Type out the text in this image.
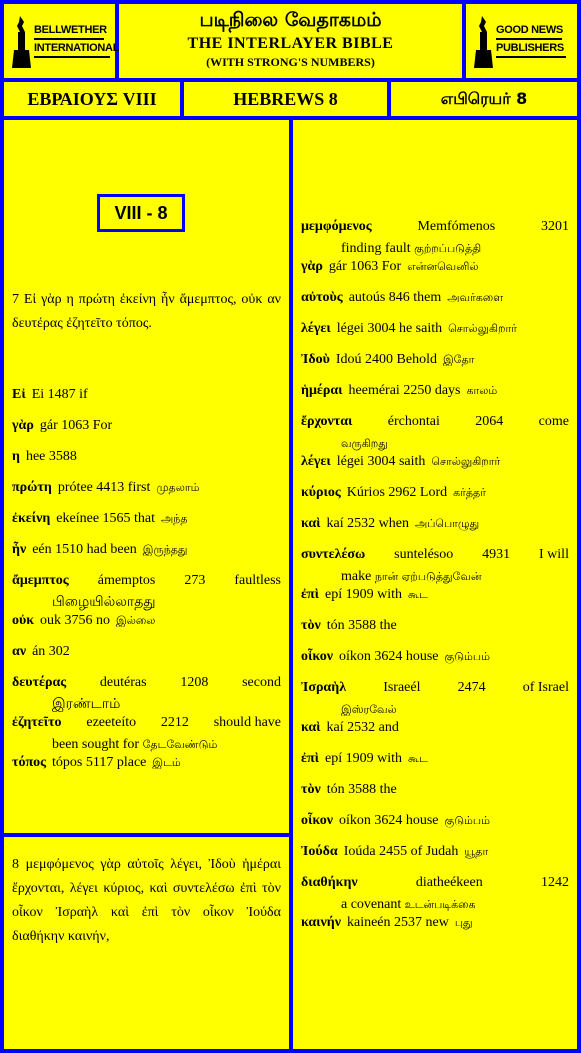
BELLWETHER
INTERNATIONAL
படிநிலை வேதாகமம்
THE INTERLAYER BIBLE
(WITH STRONG'S NUMBERS)
GOOD NEWS
PUBLISHERS
ΕΒΡΑΙΟΥΣ VIII	HEBREWS 8	எபிரெயர் 8
VIII - 8
7 Εἰ γὰρ η πρώτη ἐκείνη ἦν ἄμεμπτος, οὐκ αν δευτέρας ἐζητεῖτο τόπος.
Εἰ Ei 1487 if
γὰρ gár 1063 For
η hee 3588
πρώτη prótee 4413 first முதலாம்
ἐκείνη ekeínee 1565 that அந்த
ἦν eén 1510 had been இருந்தது
ἄμεμπτος ámemptos 273 faultless
பிழையில்லாதது
οὐκ ouk 3756 no இல்லை
αν án 302
δευτέρας deutéras 1208 second
இரண்டாம்
ἐζητεῖτο ezeeteíto 2212 should have
been sought for தேடவேண்டும்
τόπος tópos 5117 place இடம்
8 μεμφόμενος γὰρ αὐτοῖς λέγει, Ἰδοὺ ἡμέραι ἔρχονται, λέγει κύριος, καὶ συντελέσω ἐπὶ τὸν οἶκον Ἰσραὴλ καὶ ἐπὶ τὸν οἶκον Ἰούδα διαθήκην καινήν,
μεμφόμενος	Memfómenos	3201
finding fault குற்றப்படுத்தி
γὰρ gár 1063 For என்னவெனில்
αὐτοὺς autoús 846 them அவர்களை
λέγει légei 3004 he saith சொல்லுகிறார்
Ἰδοὺ Idoú 2400 Behold இதோ
ἡμέραι heemérai 2250 days காலம்
ἔρχονται	érchontai	2064	come
வருகிறது
λέγει légei 3004 saith சொல்லுகிறார்
κύριος Kúrios 2962 Lord கர்த்தர்
καὶ kaí 2532 when அப்பொழுது
συντελέσω suntelésoo 4931 I will
make நான் ஏற்படுத்துவேன்
ἐπὶ epí 1909 with கூட
τὸν tón 3588 the
οἶκον oíkon 3624 house குடும்பம்
Ἰσραὴλ	Israeél	2474	of Israel
இஸ்ரவேல்
καὶ kaí 2532 and
ἐπὶ epí 1909 with கூட
τὸν tón 3588 the
οἶκον oíkon 3624 house குடும்பம்
Ἰούδα Ioúda 2455 of Judah யூதா
διαθήκην	diatheékeen	1242
a covenant உடன்படிக்கை
καινήν kaineén 2537 new புது
